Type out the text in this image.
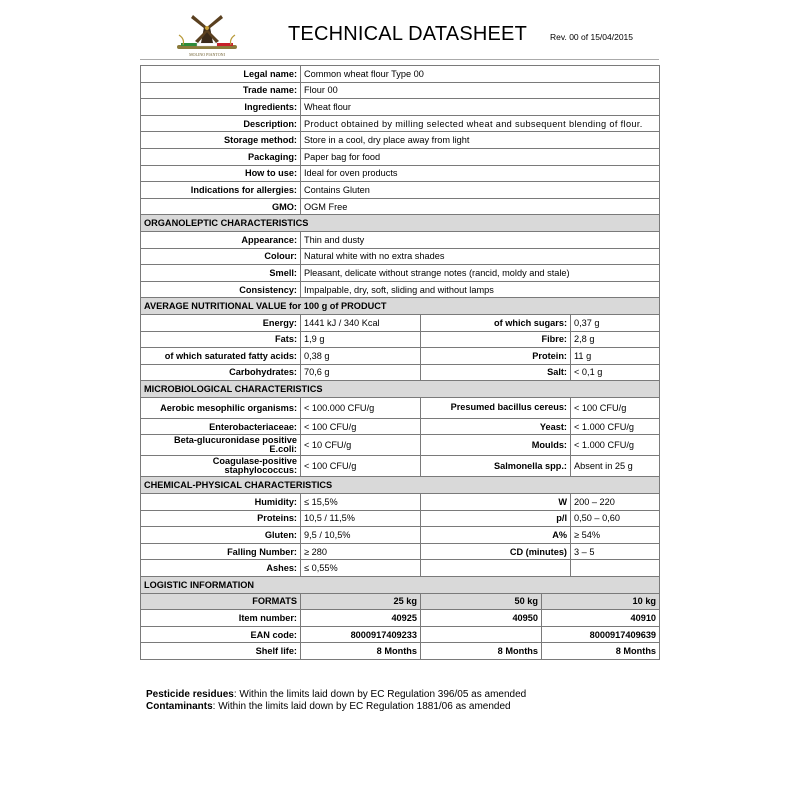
MOLINO PIANTONI
TECHNICAL DATASHEET	Rev. 00 of 15/04/2015
Legal name:	Common wheat flour Type 00				
Trade name:	Flour 00				
Ingredients:	Wheat flour				
Description:	Product obtained by milling selected wheat and subsequent blending of flour.				
Storage method:	Store in a cool, dry place away from light				
Packaging:	Paper bag for food				
How to use:	Ideal for oven products				
Indications for allergies:	Contains Gluten				
GMO:	OGM Free				
ORGANOLEPTIC CHARACTERISTICS					
Appearance:	Thin and dusty				
Colour:	Natural white with no extra shades				
Smell:	Pleasant, delicate without strange notes (rancid, moldy and stale)				
Consistency:	Impalpable, dry, soft, sliding and without lamps				
AVERAGE NUTRITIONAL VALUE for 100 g of PRODUCT					
Energy:	1441 kJ / 340 Kcal	of which sugars:		0,37 g	
Fats:	1,9 g	Fibre:		2,8 g	
of which saturated fatty acids:	0,38 g	Protein:		11 g	
Carbohydrates:	70,6 g	Salt:		< 0,1 g	
MICROBIOLOGICAL CHARACTERISTICS					
Aerobic mesophilic organisms:	< 100.000 CFU/g	Presumed bacillus cereus:		< 100 CFU/g	
Enterobacteriaceae:	< 100 CFU/g	Yeast:		< 1.000 CFU/g	
Beta-glucuronidase positive E.coli:	< 10 CFU/g	Moulds:		< 1.000 CFU/g	
Coagulase-positive staphylococcus:	< 100 CFU/g	Salmonella spp.:		Absent in 25 g	
CHEMICAL-PHYSICAL CHARACTERISTICS					
Humidity:	≤ 15,5%	W		200 – 220	
Proteins:	10,5 / 11,5%	p/l		0,50 – 0,60	
Gluten:	9,5 / 10,5%	A%		≥ 54%	
Falling Number:	≥ 280	CD (minutes)		3 – 5	
Ashes:	≤ 0,55%				
LOGISTIC INFORMATION					
FORMATS	25 kg	50 kg	10 kg	
Item number:	40925	40950	40910	
EAN code:	8000917409233		8000917409639		
Shelf life:	8 Months	8 Months	8 Months	
Pesticide residues: Within the limits laid down by EC Regulation 396/05 as amended
Contaminants: Within the limits laid down by EC Regulation 1881/06 as amended
